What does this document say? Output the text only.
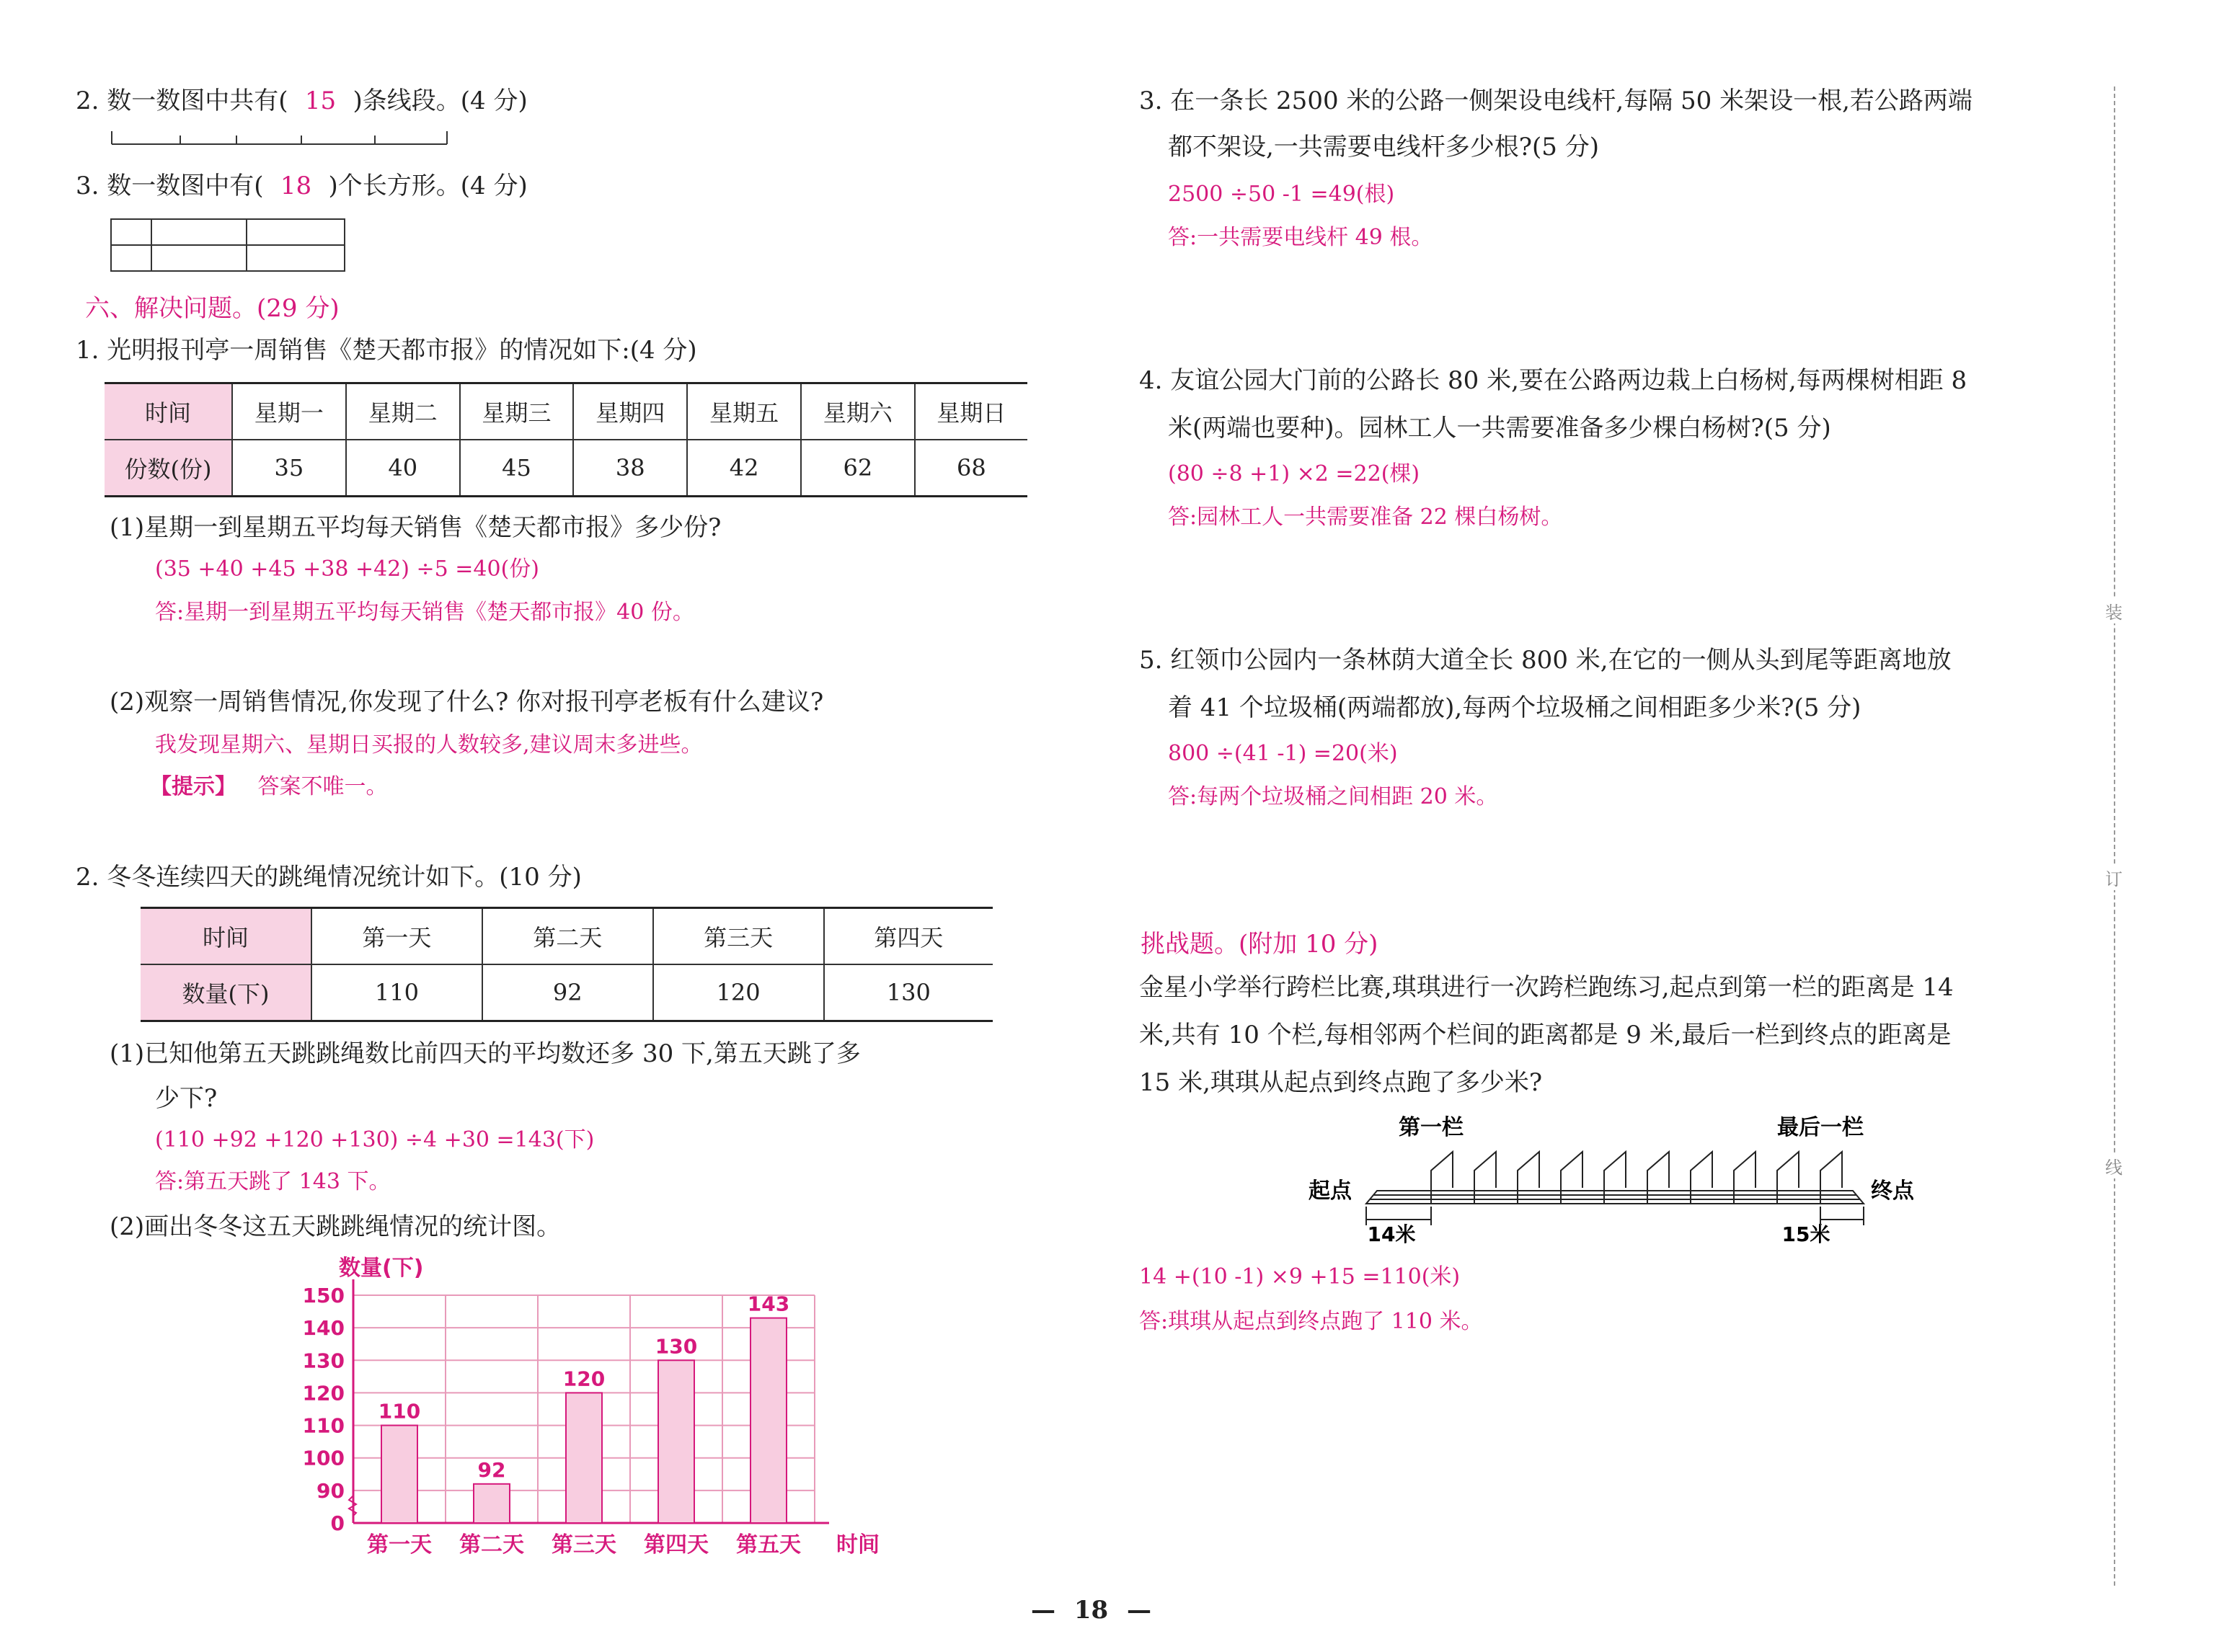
2. 数一数图中共有( 15 )条线段。(4 分)
3. 数一数图中有( 18 )个长方形。(4 分)
六、解决问题。(29 分)
1. 光明报刊亭一周销售《楚天都市报》的情况如下:(4 分)
时间	星期一	星期二	星期三	星期四	星期五	星期六	星期日
份数(份)	35	40	45	38	42	62	68
(1)星期一到星期五平均每天销售《楚天都市报》多少份?
(35 +40 +45 +38 +42) ÷5 =40(份)
答:星期一到星期五平均每天销售《楚天都市报》40 份。
(2)观察一周销售情况,你发现了什么? 你对报刊亭老板有什么建议?
我发现星期六、星期日买报的人数较多,建议周末多进些。
【提示】 答案不唯一。
2. 冬冬连续四天的跳绳情况统计如下。(10 分)
时间	第一天	第二天	第三天	第四天
数量(下)	110	92	120	130
(1)已知他第五天跳跳绳数比前四天的平均数还多 30 下,第五天跳了多
少下?
(110 +92 +120 +130) ÷4 +30 =143(下)
答:第五天跳了 143 下。
(2)画出冬冬这五天跳跳绳情况的统计图。
0
90
100
110
120
130
140
150
数量(下)
110
第一天
92
第二天
120
第三天
130
第四天
143
第五天 时间
3. 在一条长 2500 米的公路一侧架设电线杆,每隔 50 米架设一根,若公路两端
都不架设,一共需要电线杆多少根?(5 分)
2500 ÷50 -1 =49(根)
答:一共需要电线杆 49 根。
4. 友谊公园大门前的公路长 80 米,要在公路两边栽上白杨树,每两棵树相距 8
米(两端也要种)。园林工人一共需要准备多少棵白杨树?(5 分)
(80 ÷8 +1) ×2 =22(棵)
答:园林工人一共需要准备 22 棵白杨树。
5. 红领巾公园内一条林荫大道全长 800 米,在它的一侧从头到尾等距离地放
着 41 个垃圾桶(两端都放),每两个垃圾桶之间相距多少米?(5 分)
800 ÷(41 -1) =20(米)
答:每两个垃圾桶之间相距 20 米。
挑战题。(附加 10 分)
金星小学举行跨栏比赛,琪琪进行一次跨栏跑练习,起点到第一栏的距离是 14
米,共有 10 个栏,每相邻两个栏间的距离都是 9 米,最后一栏到终点的距离是
15 米,琪琪从起点到终点跑了多少米?
第一栏	最后一栏
起点	终点
14米	15米
14 +(10 -1) ×9 +15 =110(米)
答:琪琪从起点到终点跑了 110 米。
装
订
线
— 18 —
